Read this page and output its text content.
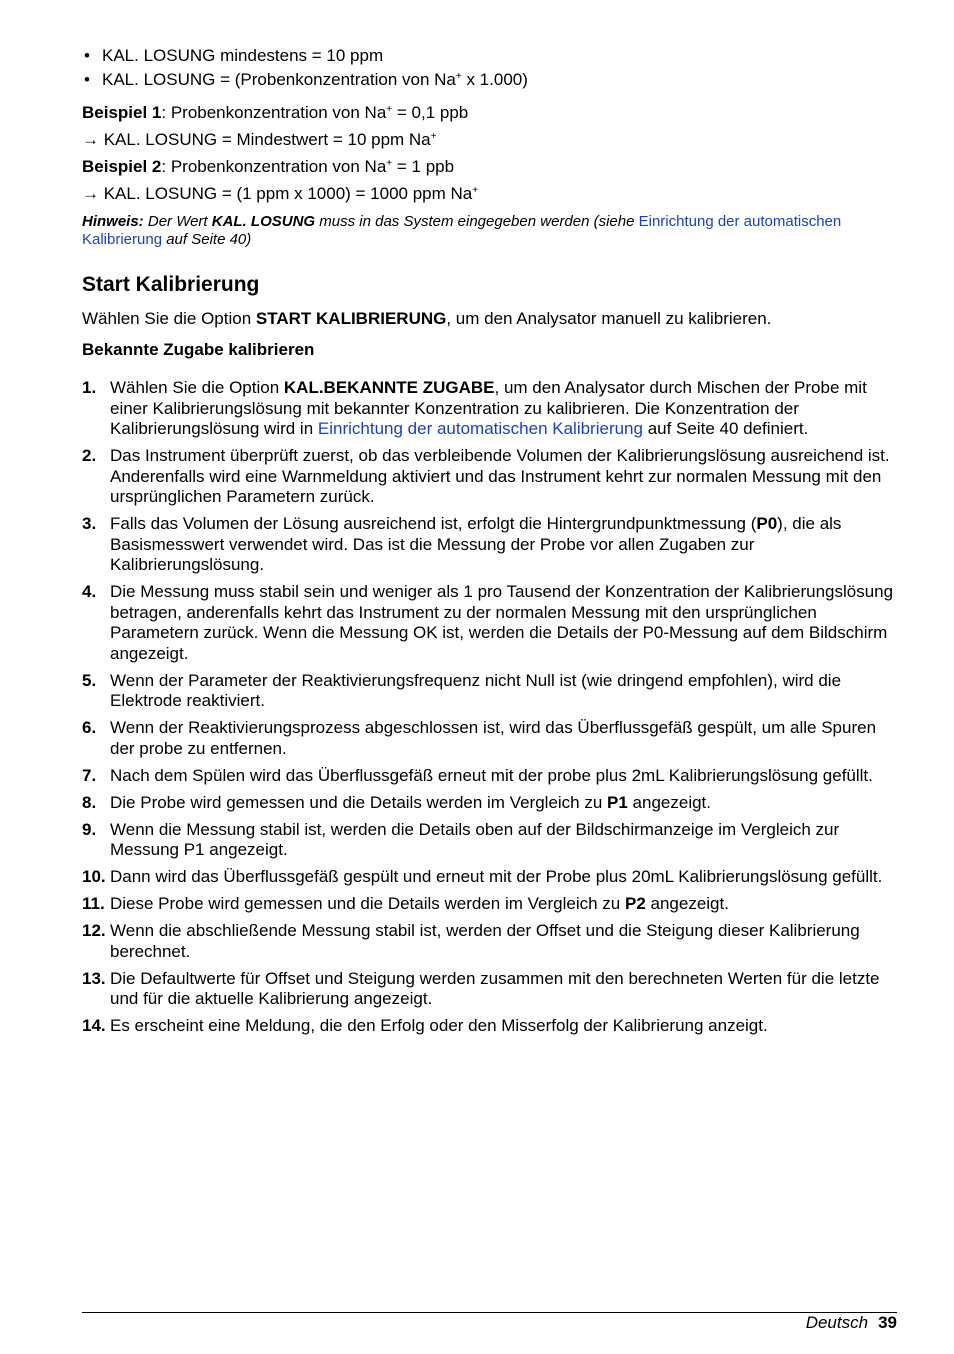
• KAL. LOSUNG mindestens = 10 ppm
• KAL. LOSUNG = (Probenkonzentration von Na+ x 1.000)

Beispiel 1: Probenkonzentration von Na+ = 0,1 ppb

→ KAL. LOSUNG = Mindestwert = 10 ppm Na+

Beispiel 2: Probenkonzentration von Na+ = 1 ppb

→ KAL. LOSUNG = (1 ppm x 1000) = 1000 ppm Na+

Hinweis: Der Wert KAL. LOSUNG muss in das System eingegeben werden (siehe Einrichtung der automatischen Kalibrierung auf Seite 40)

Start Kalibrierung

Wählen Sie die Option START KALIBRIERUNG, um den Analysator manuell zu kalibrieren.

Bekannte Zugabe kalibrieren
1. Wählen Sie die Option KAL.BEKANNTE ZUGABE, um den Analysator durch Mischen der Probe mit einer Kalibrierungslösung mit bekannter Konzentration zu kalibrieren. Die Konzentration der Kalibrierungslösung wird in Einrichtung der automatischen Kalibrierung auf Seite 40 definiert.
2. Das Instrument überprüft zuerst, ob das verbleibende Volumen der Kalibrierungslösung ausreichend ist. Anderenfalls wird eine Warnmeldung aktiviert und das Instrument kehrt zur normalen Messung mit den ursprünglichen Parametern zurück.
3. Falls das Volumen der Lösung ausreichend ist, erfolgt die Hintergrundpunktmessung (P0), die als Basismesswert verwendet wird. Das ist die Messung der Probe vor allen Zugaben zur Kalibrierungslösung.
4. Die Messung muss stabil sein und weniger als 1 pro Tausend der Konzentration der Kalibrierungslösung betragen, anderenfalls kehrt das Instrument zu der normalen Messung mit den ursprünglichen Parametern zurück. Wenn die Messung OK ist, werden die Details der P0-Messung auf dem Bildschirm angezeigt.
5. Wenn der Parameter der Reaktivierungsfrequenz nicht Null ist (wie dringend empfohlen), wird die Elektrode reaktiviert.
6. Wenn der Reaktivierungsprozess abgeschlossen ist, wird das Überflussgefäß gespült, um alle Spuren der probe zu entfernen.
7. Nach dem Spülen wird das Überflussgefäß erneut mit der probe plus 2mL Kalibrierungslösung gefüllt.
8. Die Probe wird gemessen und die Details werden im Vergleich zu P1 angezeigt.
9. Wenn die Messung stabil ist, werden die Details oben auf der Bildschirmanzeige im Vergleich zur Messung P1 angezeigt.
10. Dann wird das Überflussgefäß gespült und erneut mit der Probe plus 20mL Kalibrierungslösung gefüllt.
11. Diese Probe wird gemessen und die Details werden im Vergleich zu P2 angezeigt.
12. Wenn die abschließende Messung stabil ist, werden der Offset und die Steigung dieser Kalibrierung berechnet.
13. Die Defaultwerte für Offset und Steigung werden zusammen mit den berechneten Werten für die letzte und für die aktuelle Kalibrierung angezeigt.
14. Es erscheint eine Meldung, die den Erfolg oder den Misserfolg der Kalibrierung anzeigt.
Deutsch 39
